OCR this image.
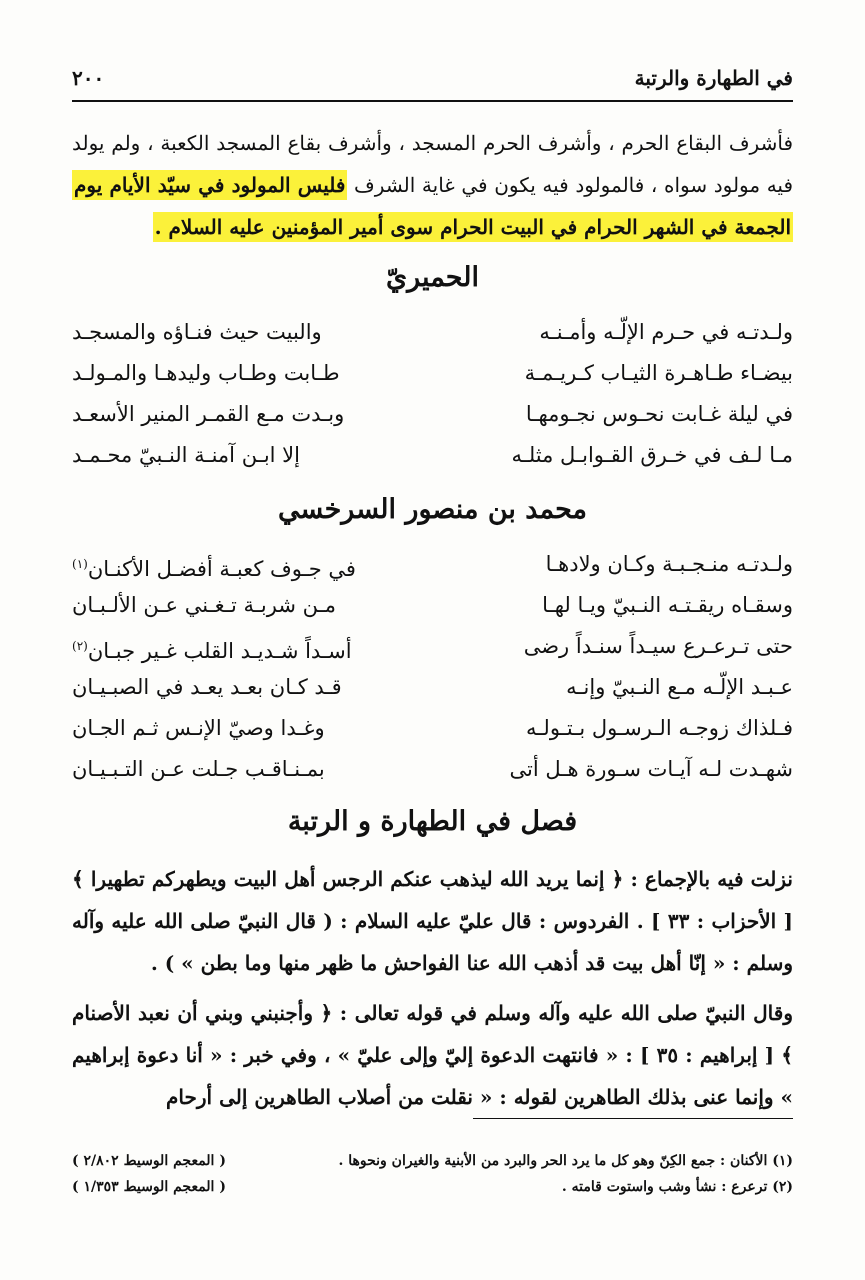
في الطهارة والرتبة
٢٠٠
فأشرف البقاع الحرم ، وأشرف الحرم المسجد ، وأشرف بقاع المسجد الكعبة ، ولم يولد فيه مولود سواه ، فالمولود فيه يكون في غاية الشرف فليس المولود في سيّد الأيام يوم الجمعة في الشهر الحرام في البيت الحرام سوى أمير المؤمنين عليه السلام .
الحميريّ
ولـدتـه في حـرم الإلّـه وأمـنـه
والبيت حيث فنـاؤه والمسجـد
بيضـاء طـاهـرة الثيـاب كـريـمـة
طـابت وطـاب وليدهـا والمـولـد
في ليلة غـابت نحـوس نجـومهـا
وبـدت مـع القمـر المنير الأسعـد
مـا لـف في خـرق القـوابـل مثلـه
إلا ابـن آمنـة النـبيّ محـمـد
محمد بن منصور السرخسي
ولـدتـه منـجـبـة وكـان ولادهـا
في جـوف كعبـة أفضـل الأكنـان$^{(١)}$
وسقـاه ريقـتـه النـبيّ ويـا لهـا
مـن شربـة تـغـني عـن الألـبـان
حتى تـرعـرع سيـداً سنـداً رضى
أسـداً شـديـد القلب غـير جبـان$^{(٢)}$
عـبـد الإلّـه مـع النـبيّ وإنـه
قـد كـان بعـد يعـد في الصبـيـان
فـلذاك زوجـه الـرسـول بـتـولـه
وغـدا وصيّ الإنـس ثـم الجـان
شهـدت لـه آيـات سـورة هـل أتى
بمـنـاقـب جـلت عـن التـبـيـان
فصل في الطهارة و الرتبة
نزلت فيه بالإجماع : ﴿ إنما يريد الله ليذهب عنكم الرجس أهل البيت ويطهركم تطهيرا ﴾ [ الأحزاب : ٣٣ ] . الفردوس : قال عليّ عليه السلام : ( قال النبيّ صلى الله عليه وآله وسلم : « إنّا أهل بيت قد أذهب الله عنا الفواحش ما ظهر منها وما بطن » ) .
وقال النبيّ صلى الله عليه وآله وسلم في قوله تعالى : ﴿ وأجنبني وبني أن نعبد الأصنام ﴾ [ إبراهيم : ٣٥ ] : « فانتهت الدعوة إليّ وإلى عليّ » ، وفي خبر : « أنا دعوة إبراهيم » وإنما عنى بذلك الطاهرين لقوله : « نقلت من أصلاب الطاهرين إلى أرحام
(١) الأكنان : جمع الكِنّ وهو كل ما يرد الحر والبرد من الأبنية والغيران ونحوها .
( المعجم الوسيط ٢/٨٠٢ )
(٢) ترعرع : نشأ وشب واستوت قامته .
( المعجم الوسيط ١/٣٥٣ )
